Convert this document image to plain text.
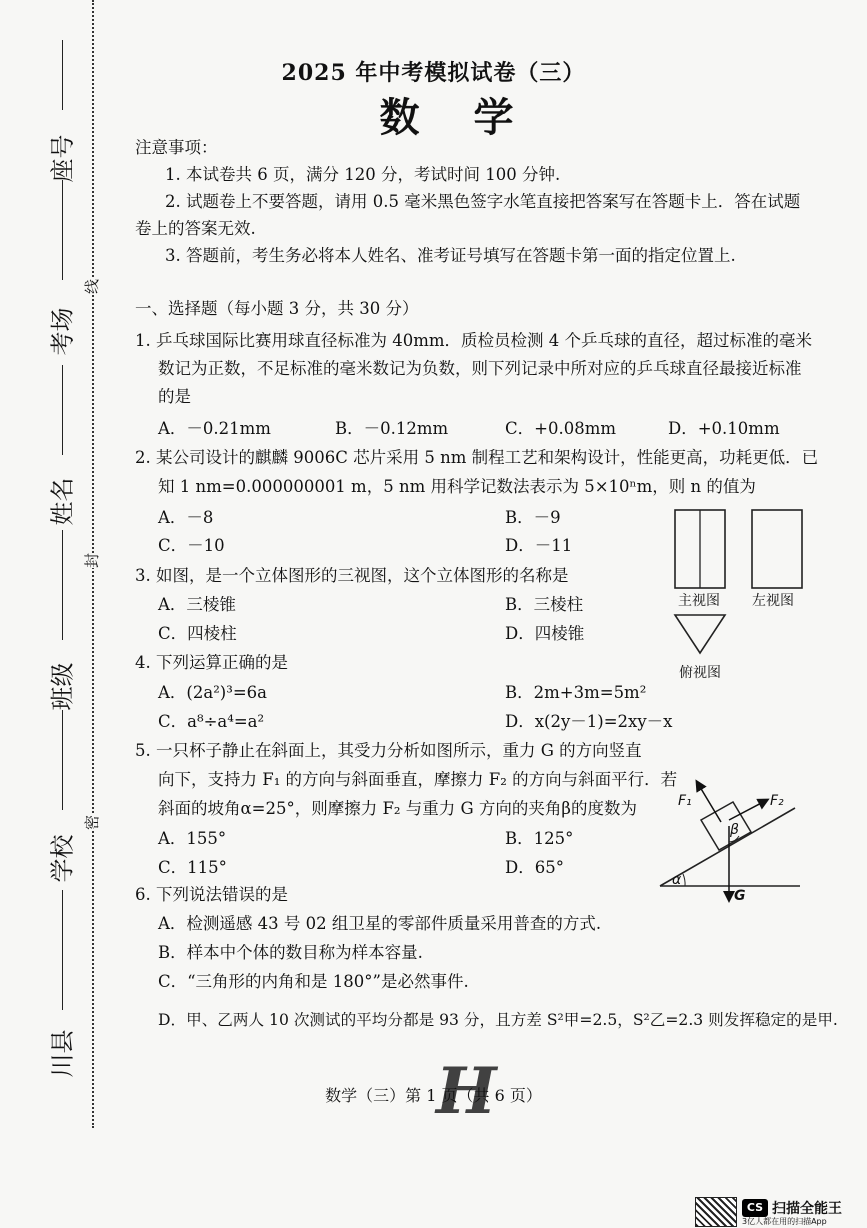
座号
考场
姓名
班级
学校
川县
线
封
密
2025 年中考模拟试卷（三）
数学
注意事项：
1. 本试卷共 6 页，满分 120 分，考试时间 100 分钟.
2. 试题卷上不要答题，请用 0.5 毫米黑色签字水笔直接把答案写在答题卡上．答在试题
卷上的答案无效.
3. 答题前，考生务必将本人姓名、准考证号填写在答题卡第一面的指定位置上.
一、选择题（每小题 3 分，共 30 分）
1. 乒乓球国际比赛用球直径标准为 40mm．质检员检测 4 个乒乓球的直径，超过标准的毫米
数记为正数，不足标准的毫米数记为负数，则下列记录中所对应的乒乓球直径最接近标准
的是
A．－0.21mm	B．－0.12mm	C．+0.08mm	D．+0.10mm
2. 某公司设计的麒麟 9006C 芯片采用 5 nm 制程工艺和架构设计，性能更高，功耗更低．已
知 1 nm=0.000000001 m，5 nm 用科学记数法表示为 5×10ⁿm，则 n 的值为
A．－8	B．－9
C．－10	D．－11
3. 如图，是一个立体图形的三视图，这个立体图形的名称是
A．三棱锥	B．三棱柱
C．四棱柱	D．四棱锥
主视图 左视图
俯视图
4. 下列运算正确的是
A．(2a²)³=6a	B．2m+3m=5m²
C．a⁸÷a⁴=a²	D．x(2y－1)=2xy－x
5. 一只杯子静止在斜面上，其受力分析如图所示，重力 G 的方向竖直
向下，支持力 F₁ 的方向与斜面垂直，摩擦力 F₂ 的方向与斜面平行．若
斜面的坡角α=25°，则摩擦力 F₂ 与重力 G 方向的夹角β的度数为
A．155°	B．125°
C．115°	D．65°
F₁	F₂
β
α
G
6. 下列说法错误的是
A．检测遥感 43 号 02 组卫星的零部件质量采用普查的方式.
B．样本中个体的数目称为样本容量.
C．“三角形的内角和是 180°”是必然事件.
D．甲、乙两人 10 次测试的平均分都是 93 分，且方差 S²甲=2.5，S²乙=2.3 则发挥稳定的是甲.
H
数学（三）第 1 页（共 6 页）
CS 扫描全能王
3亿人都在用的扫描App
